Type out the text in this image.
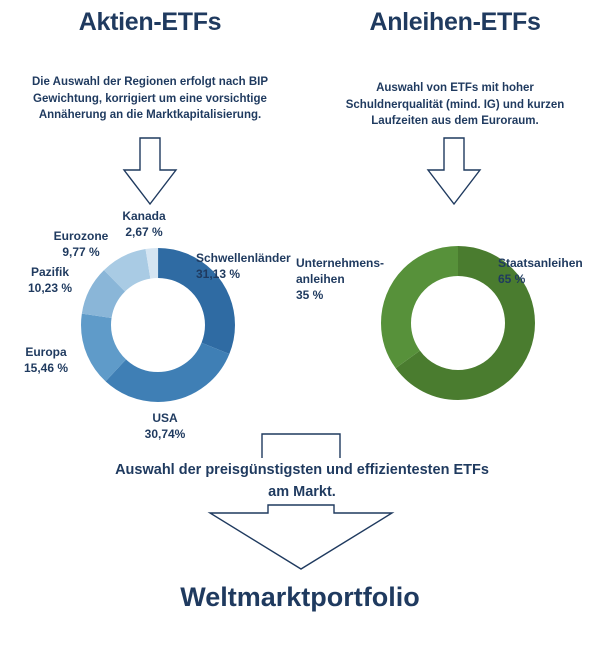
Aktien-ETFs
Die Auswahl der Regionen erfolgt nach BIP Gewichtung, korrigiert um eine vorsichtige Annäherung an die Marktkapitalisierung.
Anleihen-ETFs
Auswahl von ETFs mit hoher Schuldnerqualität (mind. IG) und kurzen Laufzeiten aus dem Euroraum.
Kanada
2,67 %
Eurozone
9,77 %
Pazifik
10,23 %
Europa
15,46 %
USA
30,74%
Schwellenländer
31,13 %
Unternehmens-anleihen
35 %
Staatsanleihen
65 %
Auswahl der preisgünstigsten und effizientesten ETFs am Markt.
Weltmarktportfolio
